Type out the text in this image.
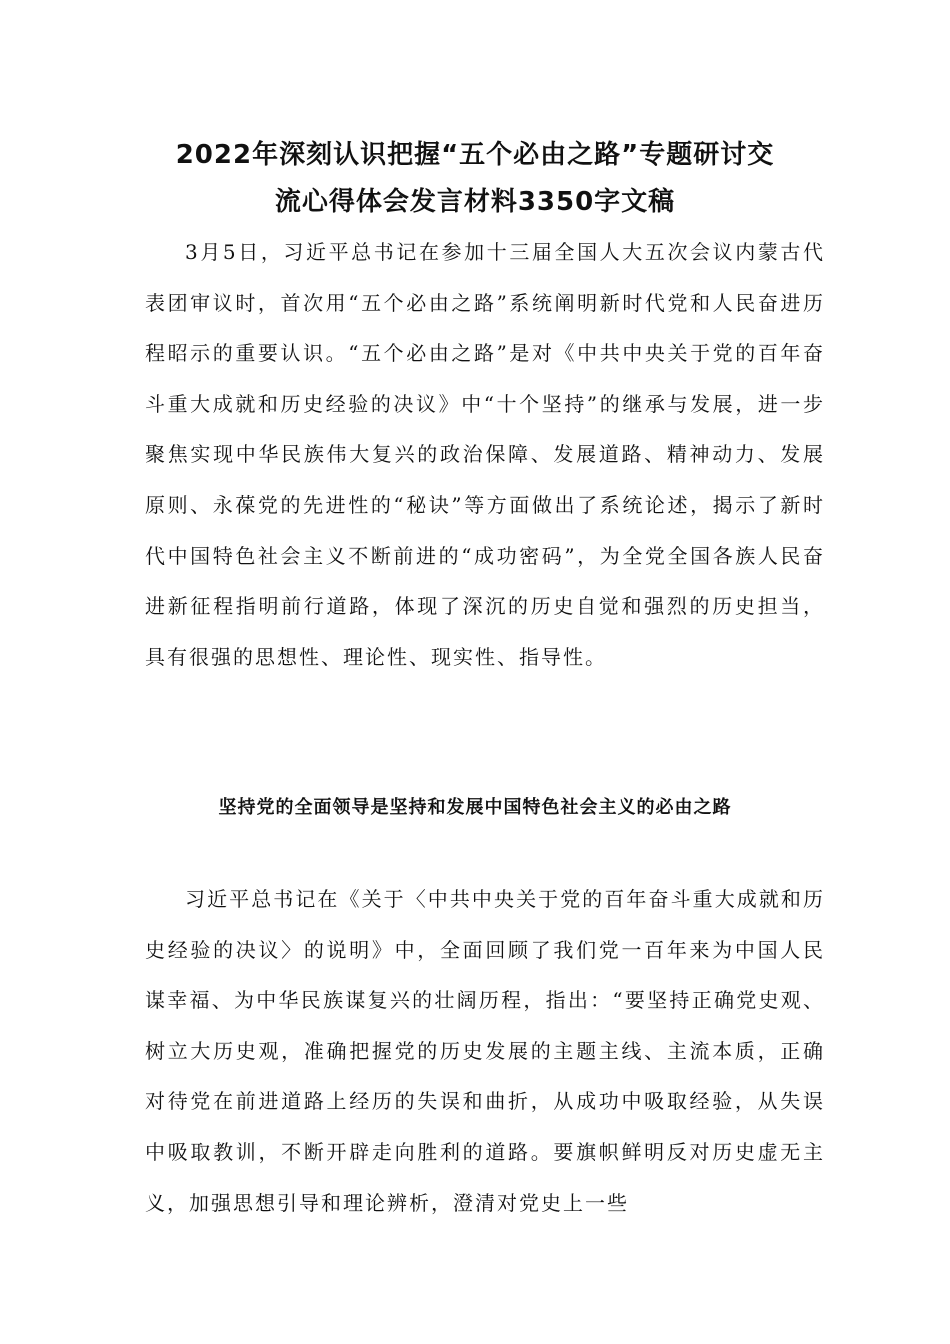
2022年深刻认识把握“五个必由之路”专题研讨交
流心得体会发言材料3350字文稿

3月5日，习近平总书记在参加十三届全国人大五次会议内蒙古代表团审议时，首次用“五个必由之路”系统阐明新时代党和人民奋进历程昭示的重要认识。“五个必由之路”是对《中共中央关于党的百年奋斗重大成就和历史经验的决议》中“十个坚持”的继承与发展，进一步聚焦实现中华民族伟大复兴的政治保障、发展道路、精神动力、发展原则、永葆党的先进性的“秘诀”等方面做出了系统论述，揭示了新时代中国特色社会主义不断前进的“成功密码”，为全党全国各族人民奋进新征程指明前行道路，体现了深沉的历史自觉和强烈的历史担当，具有很强的思想性、理论性、现实性、指导性。

坚持党的全面领导是坚持和发展中国特色社会主义的必由之路

习近平总书记在《关于〈中共中央关于党的百年奋斗重大成就和历史经验的决议〉的说明》中，全面回顾了我们党一百年来为中国人民谋幸福、为中华民族谋复兴的壮阔历程，指出：“要坚持正确党史观、树立大历史观，准确把握党的历史发展的主题主线、主流本质，正确对待党在前进道路上经历的失误和曲折，从成功中吸取经验，从失误中吸取教训，不断开辟走向胜利的道路。要旗帜鲜明反对历史虚无主义，加强思想引导和理论辨析，澄清对党史上一些
